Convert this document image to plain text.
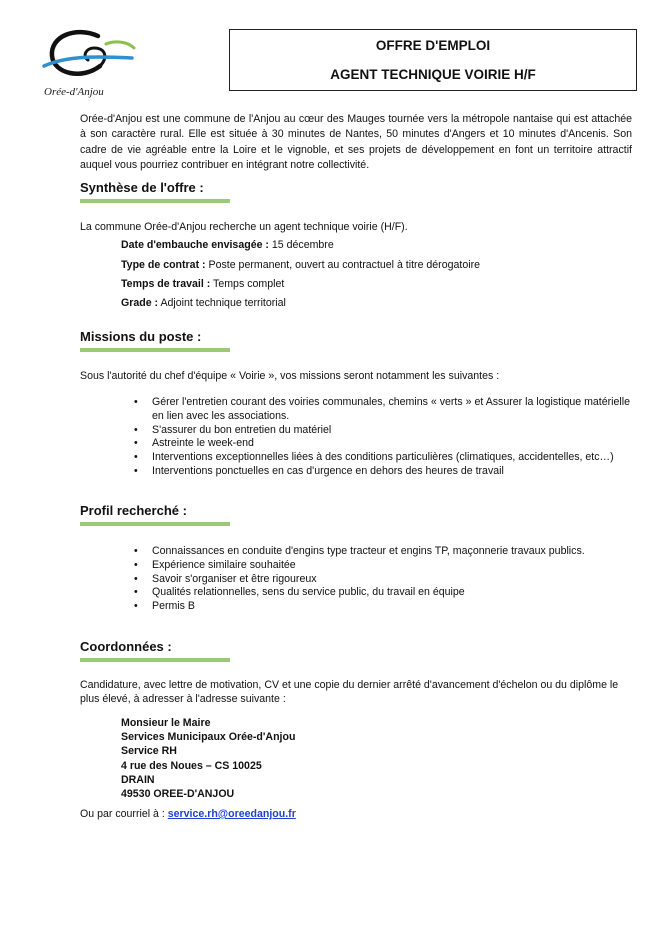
Orée-d'Anjou
OFFRE D'EMPLOI
AGENT TECHNIQUE VOIRIE H/F
Orée-d'Anjou est une commune de l'Anjou au cœur des Mauges tournée vers la métropole nantaise qui est attachée à son caractère rural. Elle est située à 30 minutes de Nantes, 50 minutes d'Angers et 10 minutes d'Ancenis. Son cadre de vie agréable entre la Loire et le vignoble, et ses projets de développement en font un territoire attractif auquel vous pourriez contribuer en intégrant notre collectivité.
Synthèse de l'offre :
La commune Orée-d'Anjou recherche un agent technique voirie (H/F).
Date d'embauche envisagée : 15 décembre
Type de contrat : Poste permanent, ouvert au contractuel à titre dérogatoire
Temps de travail : Temps complet
Grade : Adjoint technique territorial
Missions du poste :
Sous l'autorité du chef d'équipe « Voirie », vos missions seront notamment les suivantes :
• Gérer l'entretien courant des voiries communales, chemins « verts » et Assurer la logistique matérielle en lien avec les associations.
• S'assurer du bon entretien du matériel
• Astreinte le week-end
• Interventions exceptionnelles liées à des conditions particulières (climatiques, accidentelles, etc…)
• Interventions ponctuelles en cas d'urgence en dehors des heures de travail
Profil recherché :
• Connaissances en conduite d'engins type tracteur et engins TP, maçonnerie travaux publics.
• Expérience similaire souhaitée
• Savoir s'organiser et être rigoureux
• Qualités relationnelles, sens du service public, du travail en équipe
• Permis B
Coordonnées :
Candidature, avec lettre de motivation, CV et une copie du dernier arrêté d'avancement d'échelon ou du diplôme le plus élevé, à adresser à l'adresse suivante :
Monsieur le Maire
Services Municipaux Orée-d'Anjou
Service RH
4 rue des Noues – CS 10025
DRAIN
49530 OREE-D'ANJOU
Ou par courriel à : service.rh@oreedanjou.fr
